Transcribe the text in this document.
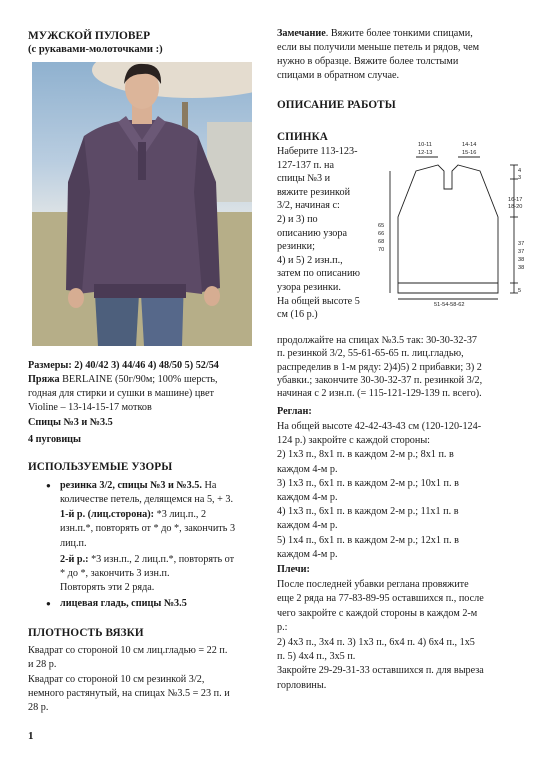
МУЖСКОЙ ПУЛОВЕР
(с рукавами-молоточками :)
Размеры: 2) 40/42 3) 44/46 4) 48/50 5) 52/54
Пряжа BERLAINE (50г/90м; 100% шерсть,
годная для стирки и сушки в машине) цвет
Violine – 13-14-15-17 мотков
Спицы №3 и №3.5
4 пуговицы
ИСПОЛЬЗУЕМЫЕ УЗОРЫ
● резинка 3/2, спицы №3 и №3.5. На
количестве петель, делящемся на 5, + 3.
1-й р. (лиц.сторона): *3 лиц.п., 2
изн.п.*, повторять от * до *, закончить 3
лиц.п.
2-й р.: *3 изн.п., 2 лиц.п.*, повторять от
* до *, закончить 3 изн.п.
Повторять эти 2 ряда.
● лицевая гладь, спицы №3.5
ПЛОТНОСТЬ ВЯЗКИ
Квадрат со стороной 10 см лиц.гладью = 22 п.
и 28 р.
Квадрат со стороной 10 см резинкой 3/2,
немного растянутый, на спицах №3.5 = 23 п. и
28 р.
1
Замечание. Вяжите более тонкими спицами,
если вы получили меньше петель и рядов, чем
нужно в образце. Вяжите более толстыми
спицами в обратном случае.
ОПИСАНИЕ РАБОТЫ
СПИНКА
Наберите 113-123-
127-137 п. на
спицы №3 и
вяжите резинкой
3/2, начиная с:
2) и 3) по
описанию узора
резинки;
4) и 5) 2 изн.п.,
затем по описанию
узора резинки.
На общей высоте 5
см (16 р.)
10-11
12-13
14-14
15-16
4
3
16-17
18-20
65
66
68
70
37
37
38
38
5
51-54-58-62
продолжайте на спицах №3.5 так: 30-30-32-37
п. резинкой 3/2, 55-61-65-65 п. лиц.гладью,
распределив в 1-м ряду: 2)4)5) 2 прибавки; 3) 2
убавки.; закончите 30-30-32-37 п. резинкой 3/2,
начиная с 2 изн.п. (= 115-121-129-139 п. всего).
Реглан:
На общей высоте 42-42-43-43 см (120-120-124-
124 р.) закройте с каждой стороны:
2) 1х3 п., 8х1 п. в каждом 2-м р.; 8х1 п. в
каждом 4-м р.
3) 1х3 п., 6х1 п. в каждом 2-м р.; 10х1 п. в
каждом 4-м р.
4) 1х3 п., 6х1 п. в каждом 2-м р.; 11х1 п. в
каждом 4-м р.
5) 1х4 п., 6х1 п. в каждом 2-м р.; 12х1 п. в
каждом 4-м р.
Плечи:
После последней убавки реглана провяжите
еще 2 ряда на 77-83-89-95 оставшихся п., после
чего закройте с каждой стороны в каждом 2-м
р.:
2) 4х3 п., 3х4 п. 3) 1х3 п., 6х4 п. 4) 6х4 п., 1х5
п. 5) 4х4 п., 3х5 п.
Закройте 29-29-31-33 оставшихся п. для выреза
горловины.
